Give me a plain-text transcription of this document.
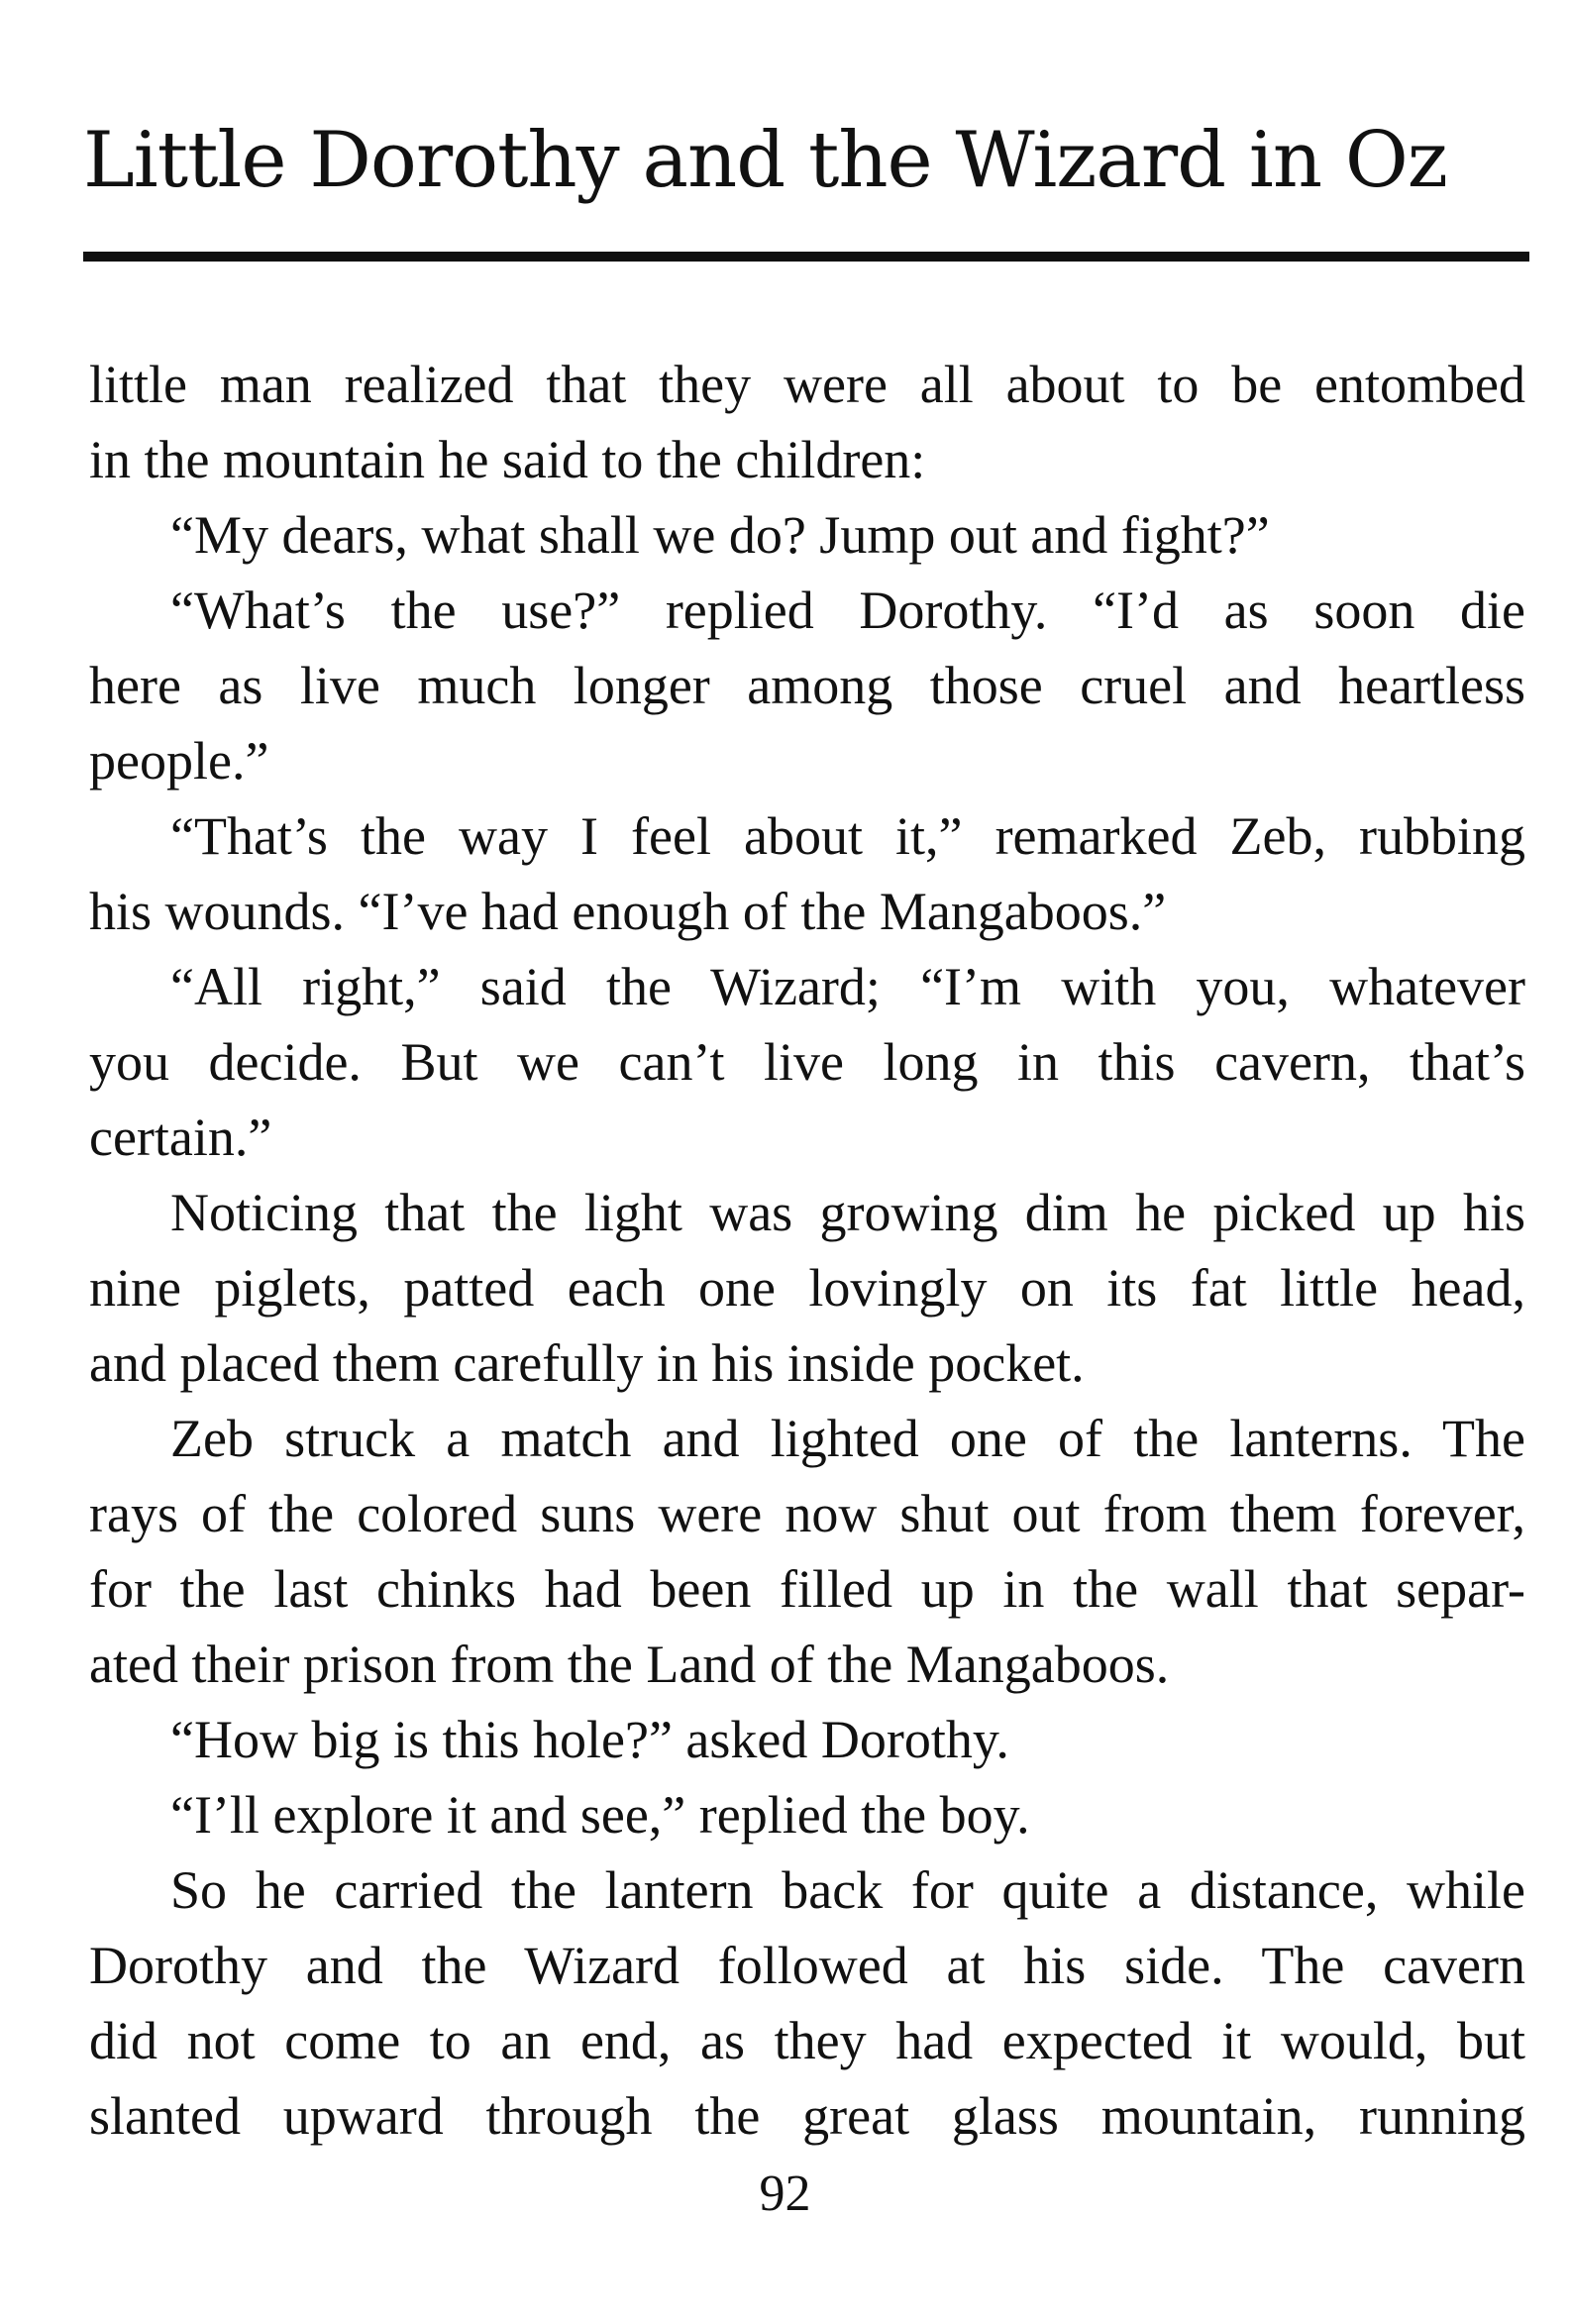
Little Dorothy and the Wizard in Oz
little man realized that they were all about to be entombed
in the mountain he said to the children:
“My dears, what shall we do? Jump out and fight?”
“What’s the use?” replied Dorothy. “I’d as soon die
here as live much longer among those cruel and heartless
people.”
“That’s the way I feel about it,” remarked Zeb, rubbing
his wounds. “I’ve had enough of the Mangaboos.”
“All right,” said the Wizard; “I’m with you, whatever
you decide. But we can’t live long in this cavern, that’s
certain.”
Noticing that the light was growing dim he picked up his
nine piglets, patted each one lovingly on its fat little head,
and placed them carefully in his inside pocket.
Zeb struck a match and lighted one of the lanterns. The
rays of the colored suns were now shut out from them forever,
for the last chinks had been filled up in the wall that separ-
ated their prison from the Land of the Mangaboos.
“How big is this hole?” asked Dorothy.
“I’ll explore it and see,” replied the boy.
So he carried the lantern back for quite a distance, while
Dorothy and the Wizard followed at his side. The cavern
did not come to an end, as they had expected it would, but
slanted upward through the great glass mountain, running
92
